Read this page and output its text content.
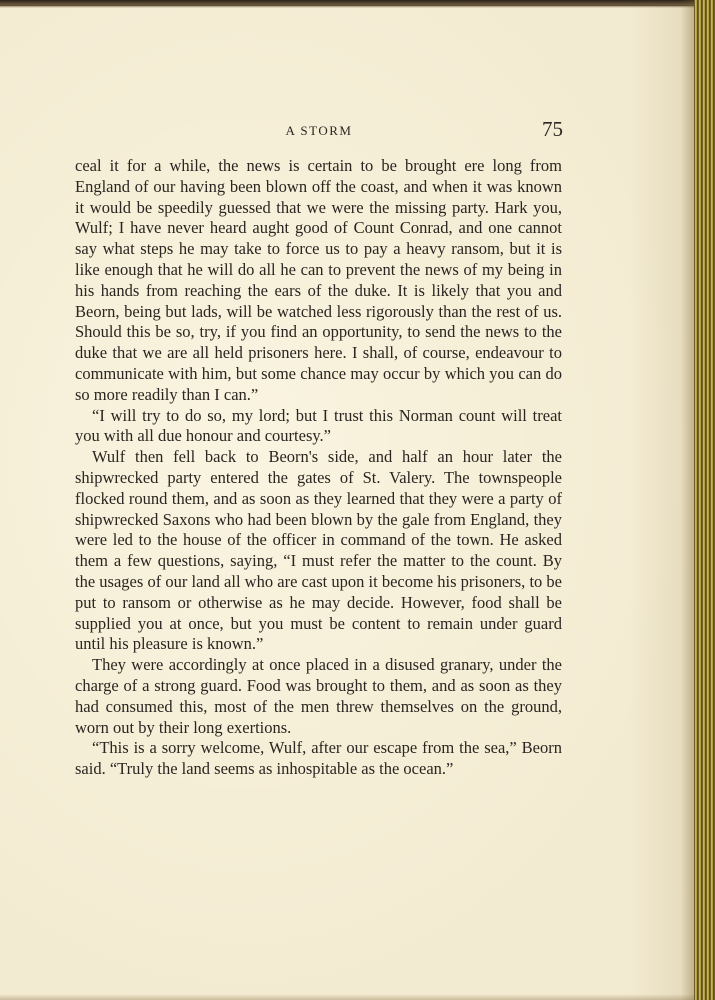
A STORM	75

ceal it for a while, the news is certain to be brought ere long from England of our having been blown off the coast, and when it was known it would be speedily guessed that we were the missing party. Hark you, Wulf; I have never heard aught good of Count Conrad, and one cannot say what steps he may take to force us to pay a heavy ransom, but it is like enough that he will do all he can to prevent the news of my being in his hands from reaching the ears of the duke. It is likely that you and Beorn, being but lads, will be watched less rigorously than the rest of us. Should this be so, try, if you find an opportunity, to send the news to the duke that we are all held prisoners here. I shall, of course, endeavour to communicate with him, but some chance may occur by which you can do so more readily than I can.”

“I will try to do so, my lord; but I trust this Norman count will treat you with all due honour and courtesy.”

Wulf then fell back to Beorn's side, and half an hour later the shipwrecked party entered the gates of St. Valery. The townspeople flocked round them, and as soon as they learned that they were a party of shipwrecked Saxons who had been blown by the gale from England, they were led to the house of the officer in command of the town. He asked them a few questions, saying, “I must refer the matter to the count. By the usages of our land all who are cast upon it become his prisoners, to be put to ransom or otherwise as he may decide. However, food shall be supplied you at once, but you must be content to remain under guard until his pleasure is known.”

They were accordingly at once placed in a disused granary, under the charge of a strong guard. Food was brought to them, and as soon as they had consumed this, most of the men threw themselves on the ground, worn out by their long exertions.

“This is a sorry welcome, Wulf, after our escape from the sea,” Beorn said. “Truly the land seems as inhospitable as the ocean.”
